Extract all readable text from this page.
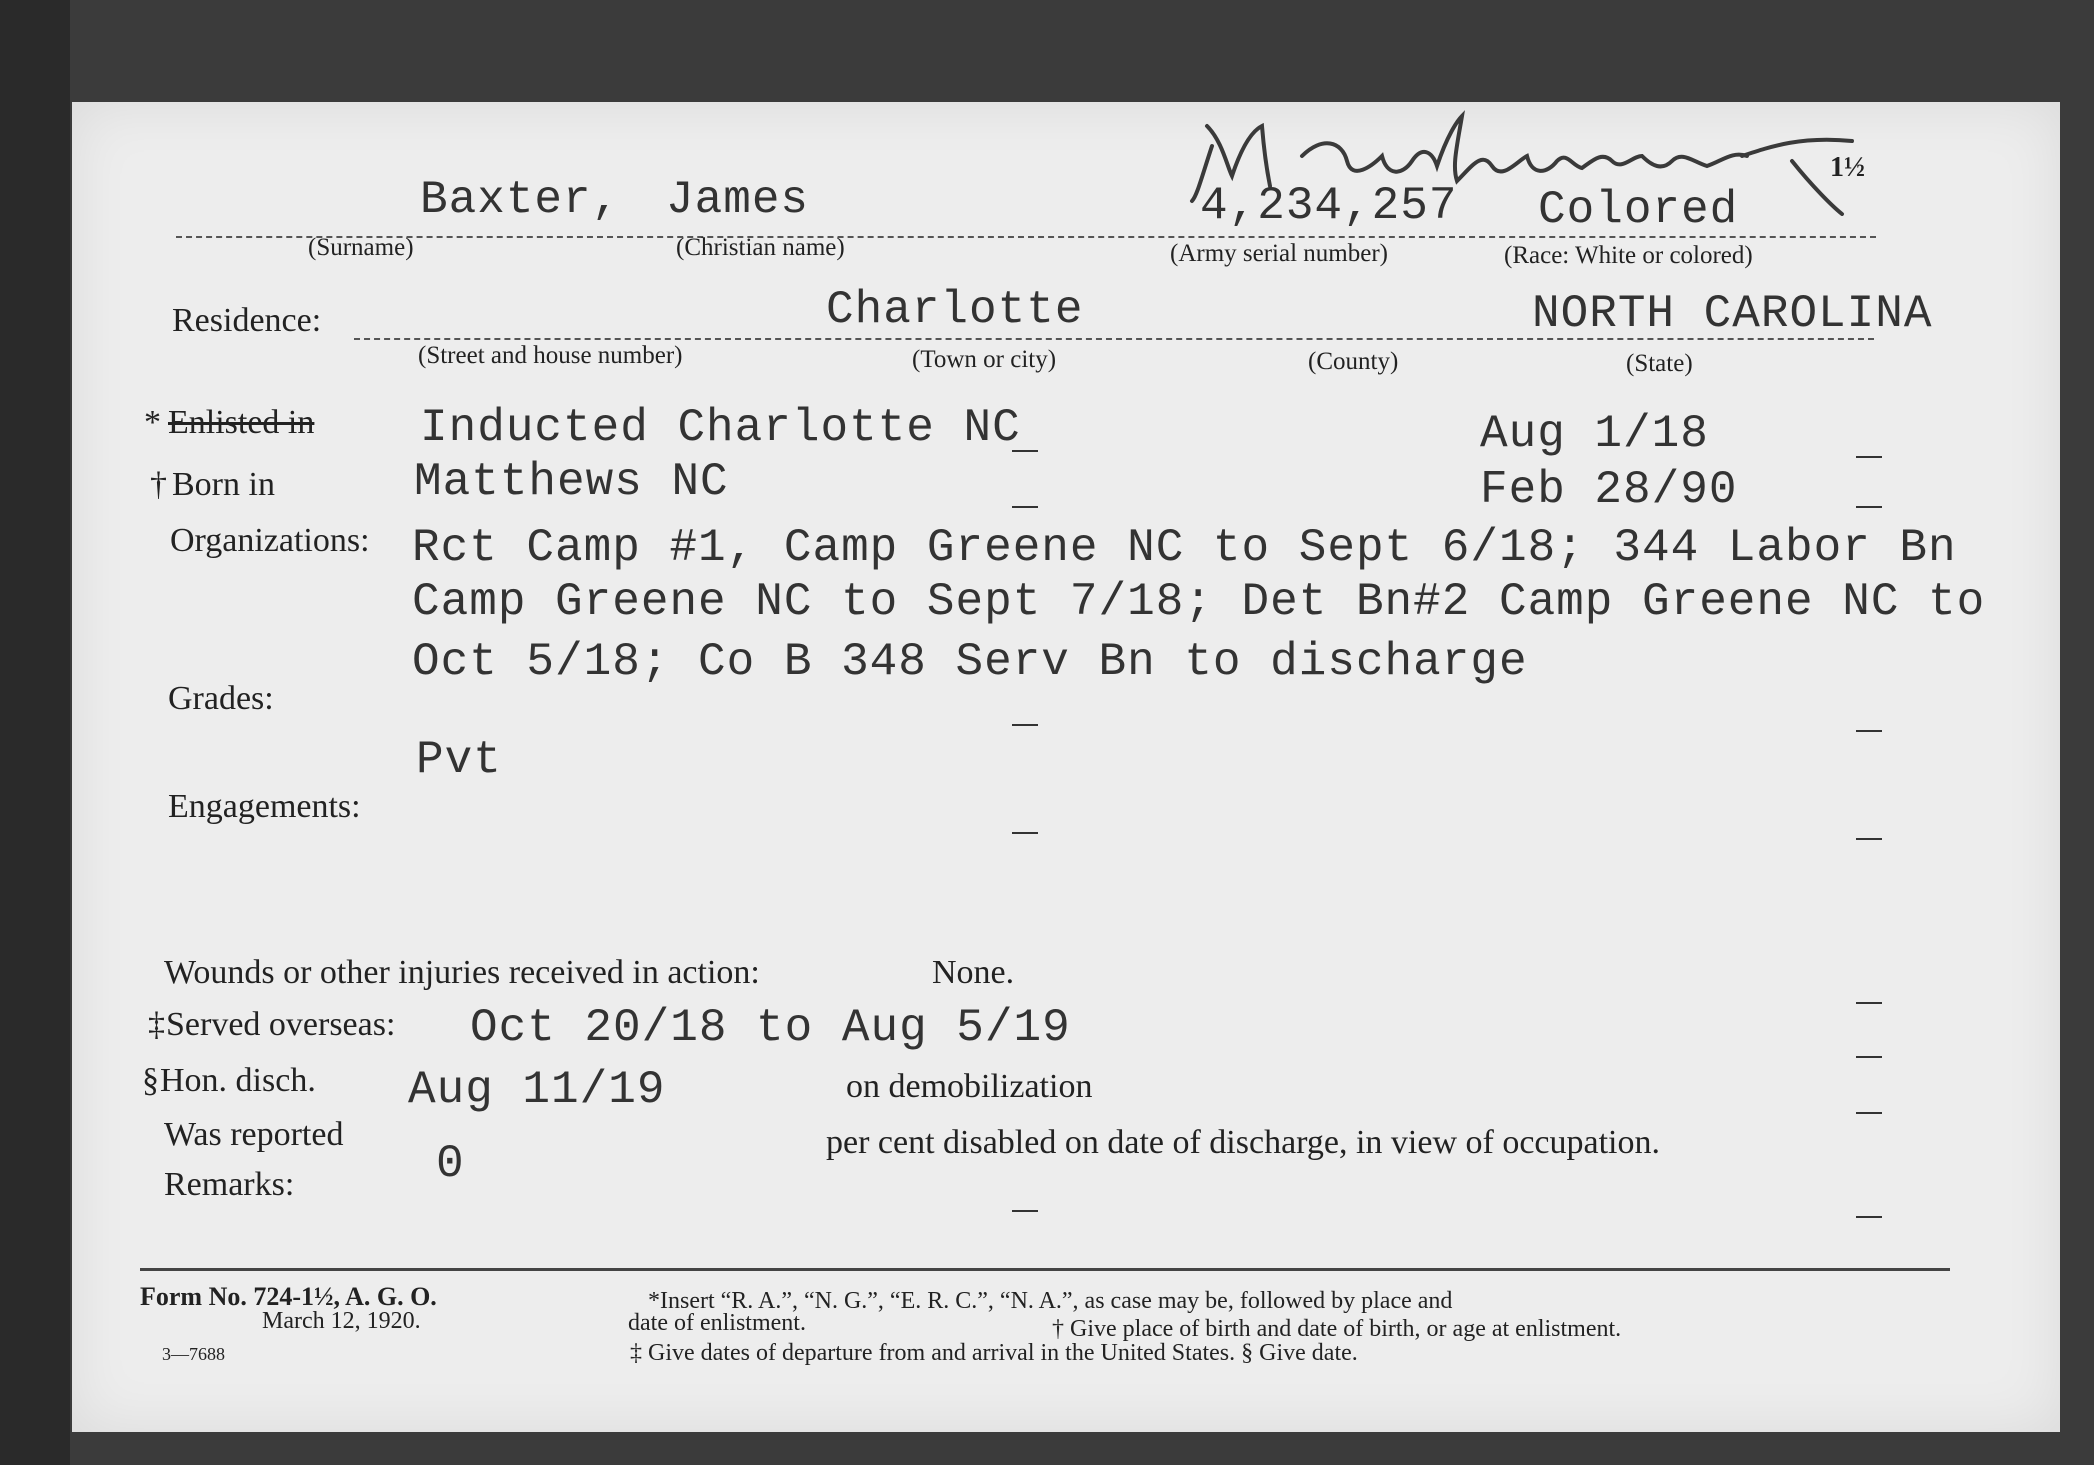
1½
Baxter, James	4,234,257 Colored
(Surname)	(Christian name)	(Army serial number)	(Race: White or colored)
Residence:	Charlotte	NORTH CAROLINA
(Street and house number)	(Town or city)	(County)	(State)
* Enlisted in Inducted Charlotte NC	Aug 1/18
† Born in	Matthews NC	Feb 28/90
Organizations: Rct Camp #1, Camp Greene NC to Sept 6/18; 344 Labor Bn
Camp Greene NC to Sept 7/18; Det Bn#2 Camp Greene NC to
Oct 5/18; Co B 348 Serv Bn to discharge
Grades:
Pvt
Engagements:
Wounds or other injuries received in action:	None.
‡ Served overseas: Oct 20/18 to Aug 5/19
§ Hon. disch. Aug 11/19	on demobilization
Was reported
0	per cent disabled on date of discharge, in view of occupation.
Remarks:
Form No. 724-1½, A. G. O.
March 12, 1920.
3—7688
*Insert “R. A.”, “N. G.”, “E. R. C.”, “N. A.”, as case may be, followed by place and
date of enlistment.	† Give place of birth and date of birth, or age at enlistment.
‡ Give dates of departure from and arrival in the United States. § Give date.
